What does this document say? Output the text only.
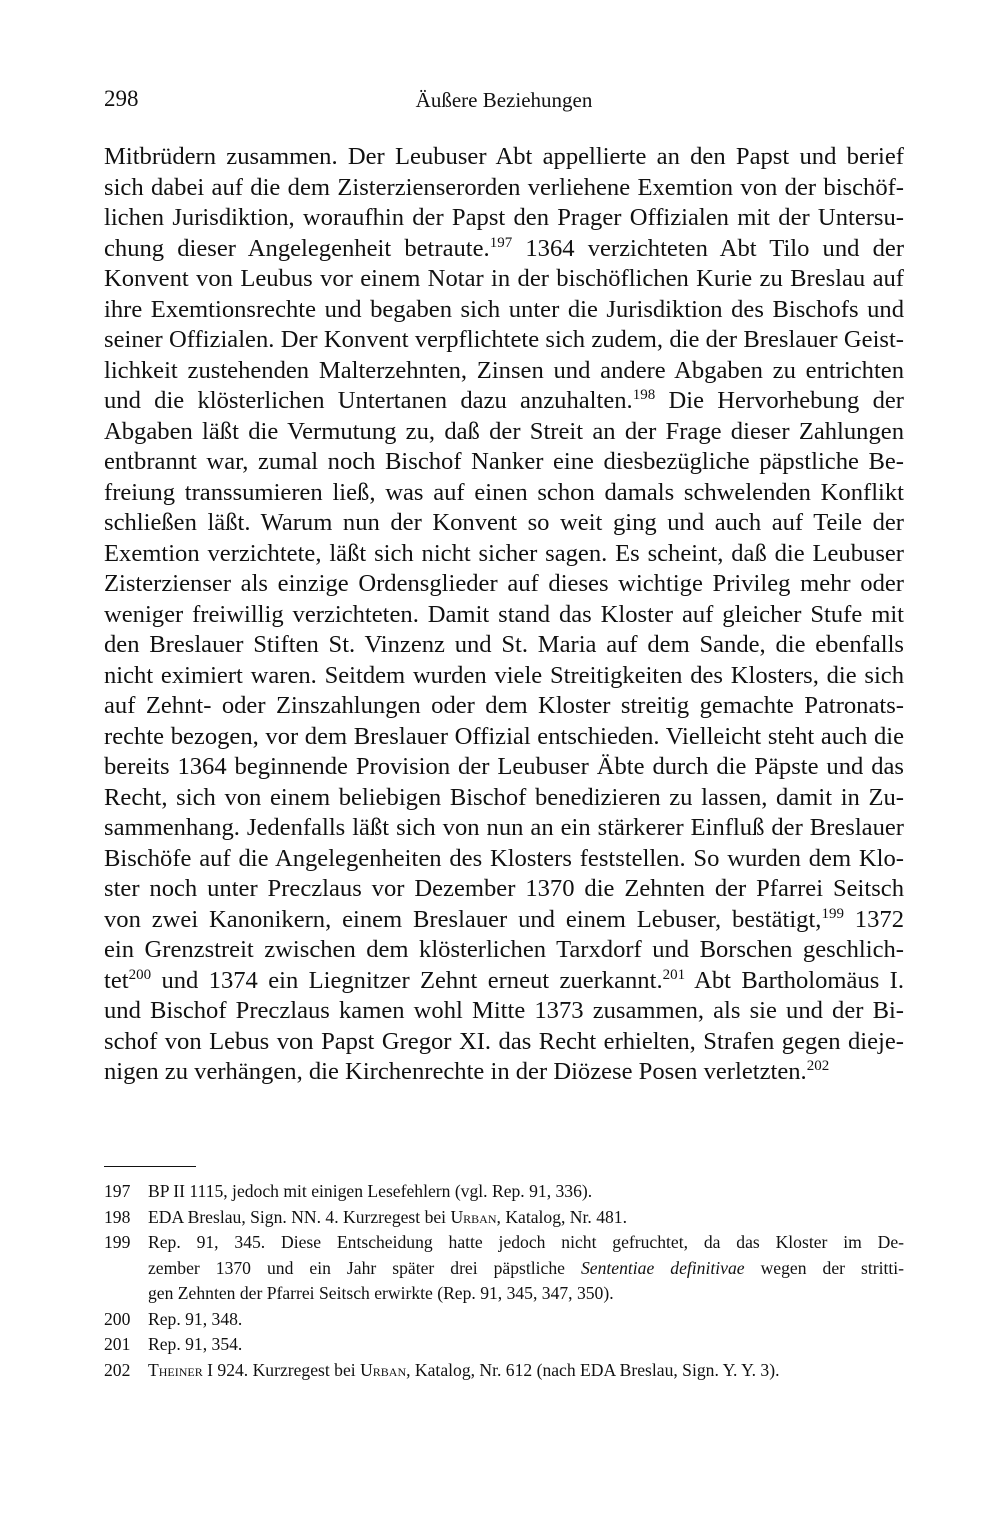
298	Äußere Beziehungen
Mitbrüdern zusammen. Der Leubuser Abt appellierte an den Papst und berief
sich dabei auf die dem Zisterzienserorden verliehene Exemtion von der bischöf-
lichen Jurisdiktion, woraufhin der Papst den Prager Offizialen mit der Untersu-
chung dieser Angelegenheit betraute.$^{197}$ 1364 verzichteten Abt Tilo und der
Konvent von Leubus vor einem Notar in der bischöflichen Kurie zu Breslau auf
ihre Exemtionsrechte und begaben sich unter die Jurisdiktion des Bischofs und
seiner Offizialen. Der Konvent verpflichtete sich zudem, die der Breslauer Geist-
lichkeit zustehenden Malterzehnten, Zinsen und andere Abgaben zu entrichten
und die klösterlichen Untertanen dazu anzuhalten.$^{198}$ Die Hervorhebung der
Abgaben läßt die Vermutung zu, daß der Streit an der Frage dieser Zahlungen
entbrannt war, zumal noch Bischof Nanker eine diesbezügliche päpstliche Be-
freiung transsumieren ließ, was auf einen schon damals schwelenden Konflikt
schließen läßt. Warum nun der Konvent so weit ging und auch auf Teile der
Exemtion verzichtete, läßt sich nicht sicher sagen. Es scheint, daß die Leubuser
Zisterzienser als einzige Ordensglieder auf dieses wichtige Privileg mehr oder
weniger freiwillig verzichteten. Damit stand das Kloster auf gleicher Stufe mit
den Breslauer Stiften St. Vinzenz und St. Maria auf dem Sande, die ebenfalls
nicht eximiert waren. Seitdem wurden viele Streitigkeiten des Klosters, die sich
auf Zehnt- oder Zinszahlungen oder dem Kloster streitig gemachte Patronats-
rechte bezogen, vor dem Breslauer Offizial entschieden. Vielleicht steht auch die
bereits 1364 beginnende Provision der Leubuser Äbte durch die Päpste und das
Recht, sich von einem beliebigen Bischof benedizieren zu lassen, damit in Zu-
sammenhang. Jedenfalls läßt sich von nun an ein stärkerer Einfluß der Breslauer
Bischöfe auf die Angelegenheiten des Klosters feststellen. So wurden dem Klo-
ster noch unter Preczlaus vor Dezember 1370 die Zehnten der Pfarrei Seitsch
von zwei Kanonikern, einem Breslauer und einem Lebuser, bestätigt,$^{199}$ 1372
ein Grenzstreit zwischen dem klösterlichen Tarxdorf und Borschen geschlich-
tet$^{200}$ und 1374 ein Liegnitzer Zehnt erneut zuerkannt.$^{201}$ Abt Bartholomäus I.
und Bischof Preczlaus kamen wohl Mitte 1373 zusammen, als sie und der Bi-
schof von Lebus von Papst Gregor XI. das Recht erhielten, Strafen gegen dieje-
nigen zu verhängen, die Kirchenrechte in der Diözese Posen verletzten.$^{202}$
197 BP II 1115, jedoch mit einigen Lesefehlern (vgl. Rep. 91, 336).
198 EDA Breslau, Sign. NN. 4. Kurzregest bei Urban, Katalog, Nr. 481.
199 Rep. 91, 345. Diese Entscheidung hatte jedoch nicht gefruchtet, da das Kloster im De-
zember 1370 und ein Jahr später drei päpstliche Sententiae definitivae wegen der stritti-
gen Zehnten der Pfarrei Seitsch erwirkte (Rep. 91, 345, 347, 350).
200 Rep. 91, 348.
201 Rep. 91, 354.
202 Theiner I 924. Kurzregest bei Urban, Katalog, Nr. 612 (nach EDA Breslau, Sign. Y. Y. 3).
